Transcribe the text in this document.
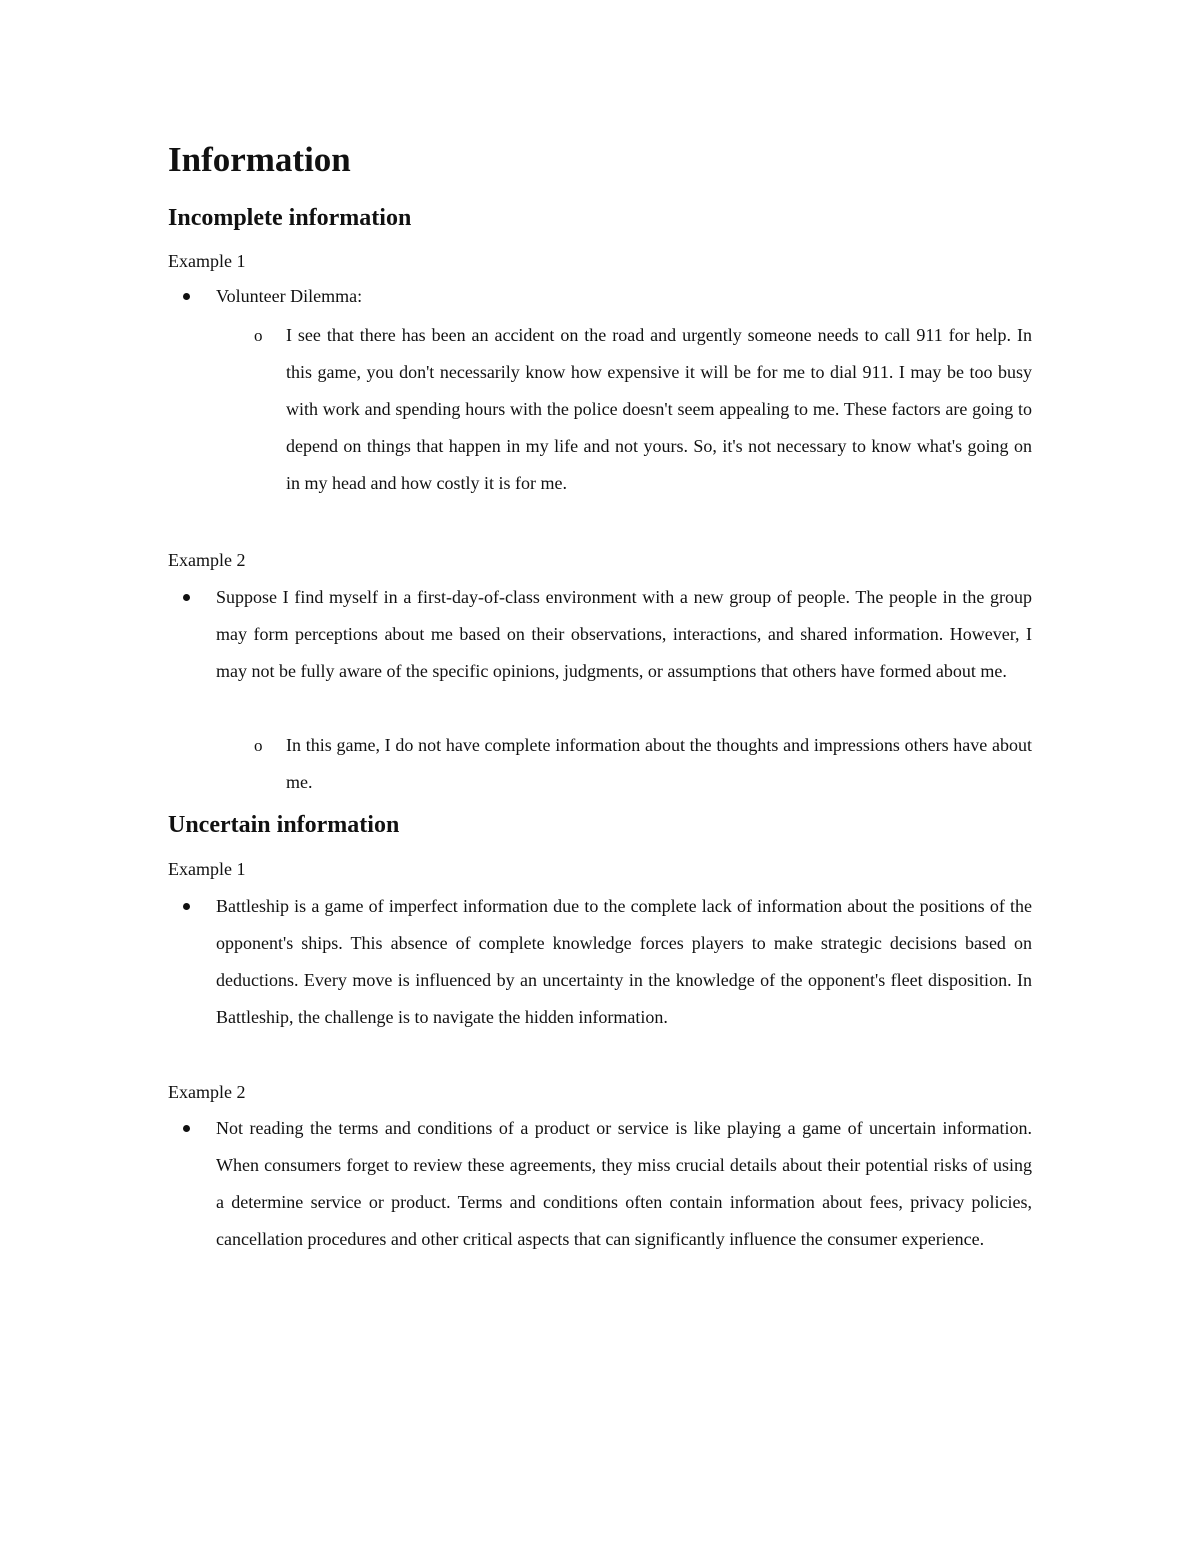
Information
Incomplete information

Example 1

Volunteer Dilemma:

o I see that there has been an accident on the road and urgently someone needs to call 911 for help. In this game, you don't necessarily know how expensive it will be for me to dial 911. I may be too busy with work and spending hours with the police doesn't seem appealing to me. These factors are going to depend on things that happen in my life and not yours. So, it's not necessary to know what's going on in my head and how costly it is for me.

Example 2

Suppose I find myself in a first-day-of-class environment with a new group of people. The people in the group may form perceptions about me based on their observations, interactions, and shared information. However, I may not be fully aware of the specific opinions, judgments, or assumptions that others have formed about me.

o In this game, I do not have complete information about the thoughts and impressions others have about me.

Uncertain information

Example 1

Battleship is a game of imperfect information due to the complete lack of information about the positions of the opponent's ships. This absence of complete knowledge forces players to make strategic decisions based on deductions. Every move is influenced by an uncertainty in the knowledge of the opponent's fleet disposition. In Battleship, the challenge is to navigate the hidden information.

Example 2

Not reading the terms and conditions of a product or service is like playing a game of uncertain information. When consumers forget to review these agreements, they miss crucial details about their potential risks of using a determine service or product. Terms and conditions often contain information about fees, privacy policies, cancellation procedures and other critical aspects that can significantly influence the consumer experience.
